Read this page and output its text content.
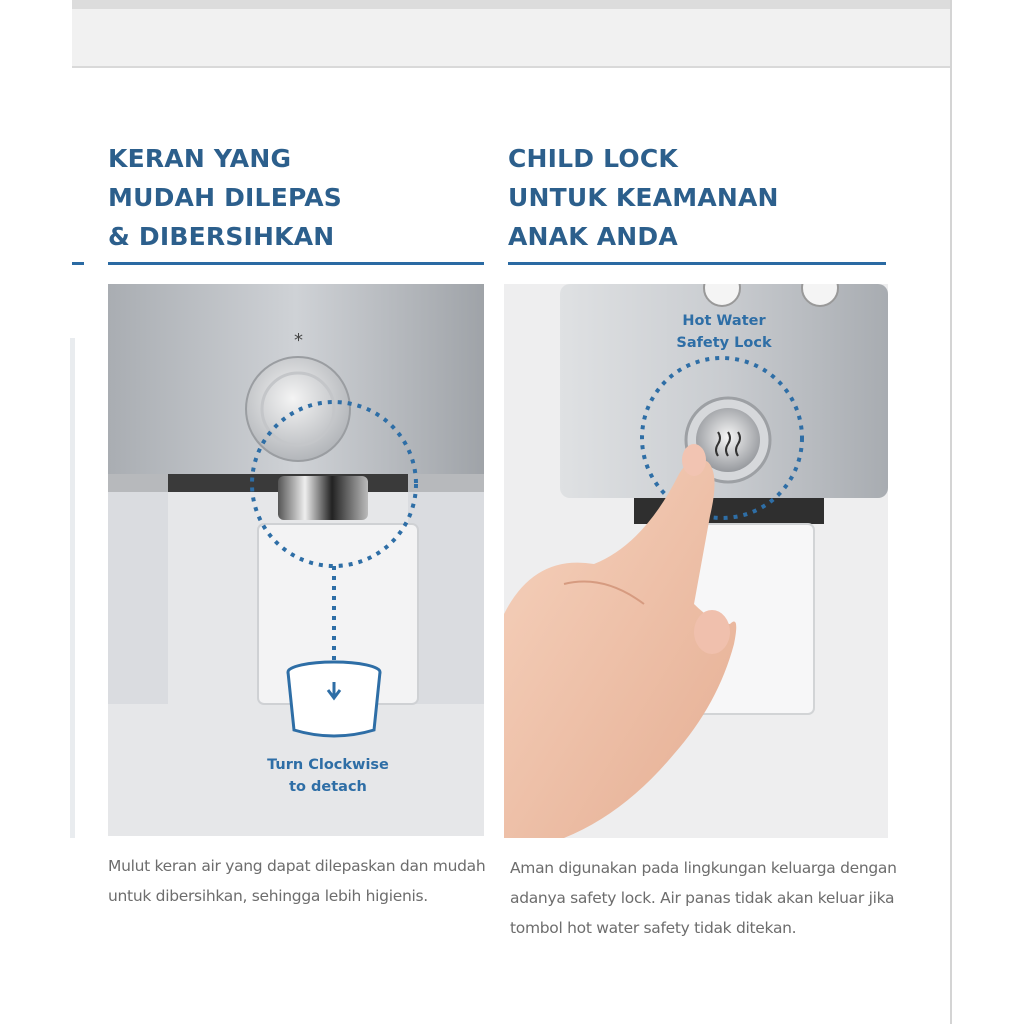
KERAN YANG
MUDAH DILEPAS
& DIBERSIHKAN
*

Turn Clockwise
to detach

Mulut keran air yang dapat dilepaskan dan mudah untuk dibersihkan, sehingga lebih higienis.

CHILD LOCK
UNTUK KEAMANAN
ANAK ANDA

Hot Water
Safety Lock

Aman digunakan pada lingkungan keluarga dengan adanya safety lock. Air panas tidak akan keluar jika tombol hot water safety tidak ditekan.
